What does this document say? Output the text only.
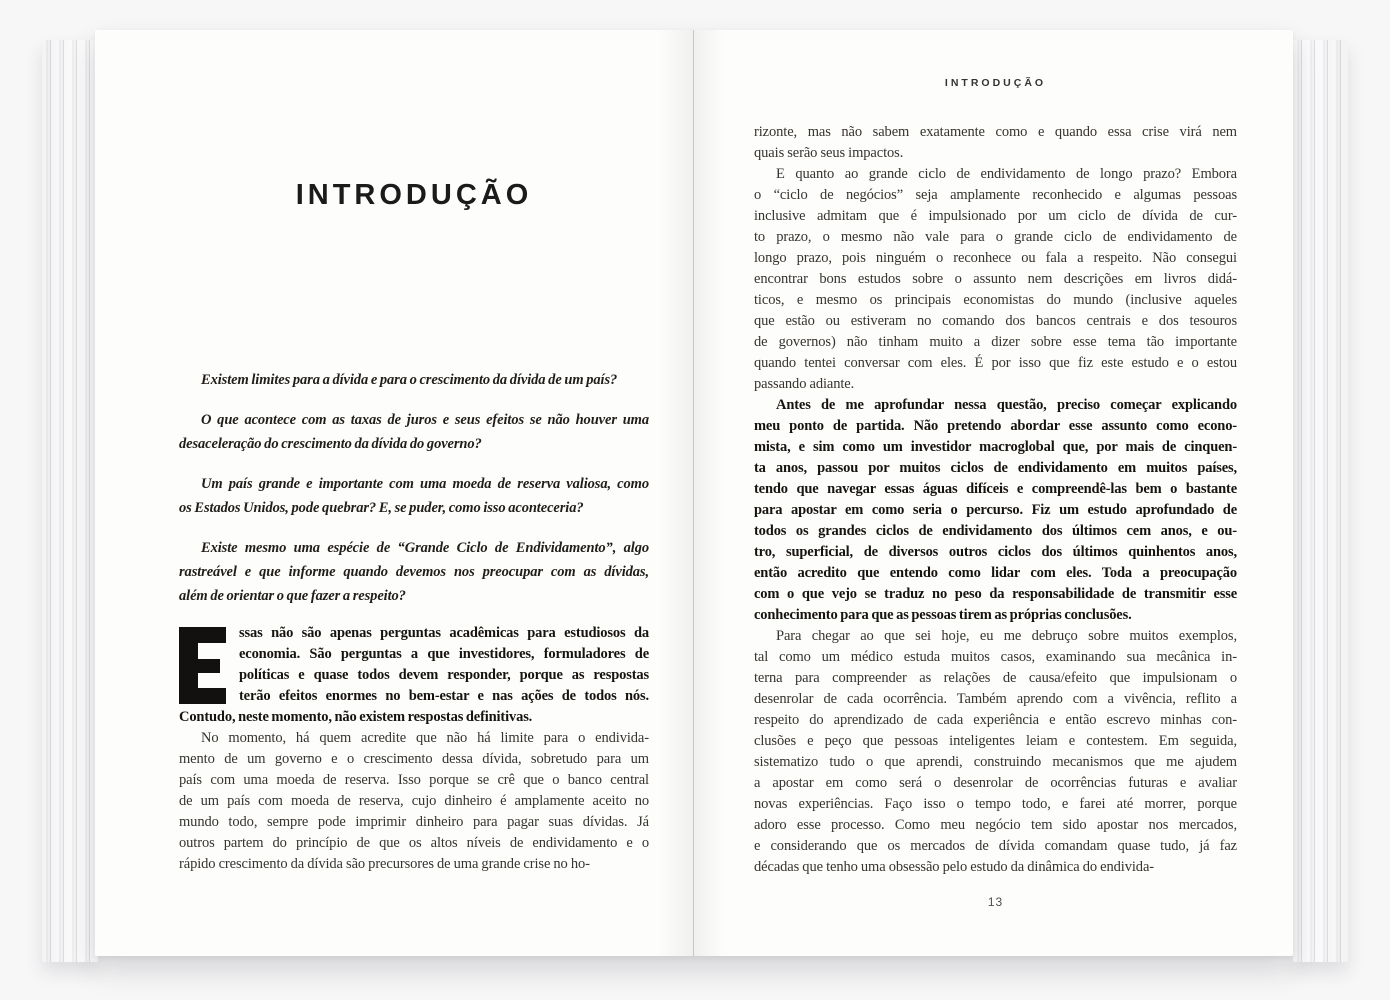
INTRODUÇÃO
Existem limites para a dívida e para o crescimento da dívida de um país?
O que acontece com as taxas de juros e seus efeitos se não houver uma
desaceleração do crescimento da dívida do governo?
Um país grande e importante com uma moeda de reserva valiosa, como
os Estados Unidos, pode quebrar? E, se puder, como isso aconteceria?
Existe mesmo uma espécie de “Grande Ciclo de Endividamento”, algo
rastreável e que informe quando devemos nos preocupar com as dívidas,
além de orientar o que fazer a respeito?
ssas não são apenas perguntas acadêmicas para estudiosos da
economia. São perguntas a que investidores, formuladores de
políticas e quase todos devem responder, porque as respostas
terão efeitos enormes no bem-estar e nas ações de todos nós.
Contudo, neste momento, não existem respostas definitivas.
No momento, há quem acredite que não há limite para o endivida-
mento de um governo e o crescimento dessa dívida, sobretudo para um
país com uma moeda de reserva. Isso porque se crê que o banco central
de um país com moeda de reserva, cujo dinheiro é amplamente aceito no
mundo todo, sempre pode imprimir dinheiro para pagar suas dívidas. Já
outros partem do princípio de que os altos níveis de endividamento e o
rápido crescimento da dívida são precursores de uma grande crise no ho-
INTRODUÇÃO
rizonte, mas não sabem exatamente como e quando essa crise virá nem
quais serão seus impactos.
E quanto ao grande ciclo de endividamento de longo prazo? Embora
o “ciclo de negócios” seja amplamente reconhecido e algumas pessoas
inclusive admitam que é impulsionado por um ciclo de dívida de cur-
to prazo, o mesmo não vale para o grande ciclo de endividamento de
longo prazo, pois ninguém o reconhece ou fala a respeito. Não consegui
encontrar bons estudos sobre o assunto nem descrições em livros didá-
ticos, e mesmo os principais economistas do mundo (inclusive aqueles
que estão ou estiveram no comando dos bancos centrais e dos tesouros
de governos) não tinham muito a dizer sobre esse tema tão importante
quando tentei conversar com eles. É por isso que fiz este estudo e o estou
passando adiante.
Antes de me aprofundar nessa questão, preciso começar explicando
meu ponto de partida. Não pretendo abordar esse assunto como econo-
mista, e sim como um investidor macroglobal que, por mais de cinquen-
ta anos, passou por muitos ciclos de endividamento em muitos países,
tendo que navegar essas águas difíceis e compreendê-las bem o bastante
para apostar em como seria o percurso. Fiz um estudo aprofundado de
todos os grandes ciclos de endividamento dos últimos cem anos, e ou-
tro, superficial, de diversos outros ciclos dos últimos quinhentos anos,
então acredito que entendo como lidar com eles. Toda a preocupação
com o que vejo se traduz no peso da responsabilidade de transmitir esse
conhecimento para que as pessoas tirem as próprias conclusões.
Para chegar ao que sei hoje, eu me debruço sobre muitos exemplos,
tal como um médico estuda muitos casos, examinando sua mecânica in-
terna para compreender as relações de causa/efeito que impulsionam o
desenrolar de cada ocorrência. Também aprendo com a vivência, reflito a
respeito do aprendizado de cada experiência e então escrevo minhas con-
clusões e peço que pessoas inteligentes leiam e contestem. Em seguida,
sistematizo tudo o que aprendi, construindo mecanismos que me ajudem
a apostar em como será o desenrolar de ocorrências futuras e avaliar
novas experiências. Faço isso o tempo todo, e farei até morrer, porque
adoro esse processo. Como meu negócio tem sido apostar nos mercados,
e considerando que os mercados de dívida comandam quase tudo, já faz
décadas que tenho uma obsessão pelo estudo da dinâmica do endivida-
13
